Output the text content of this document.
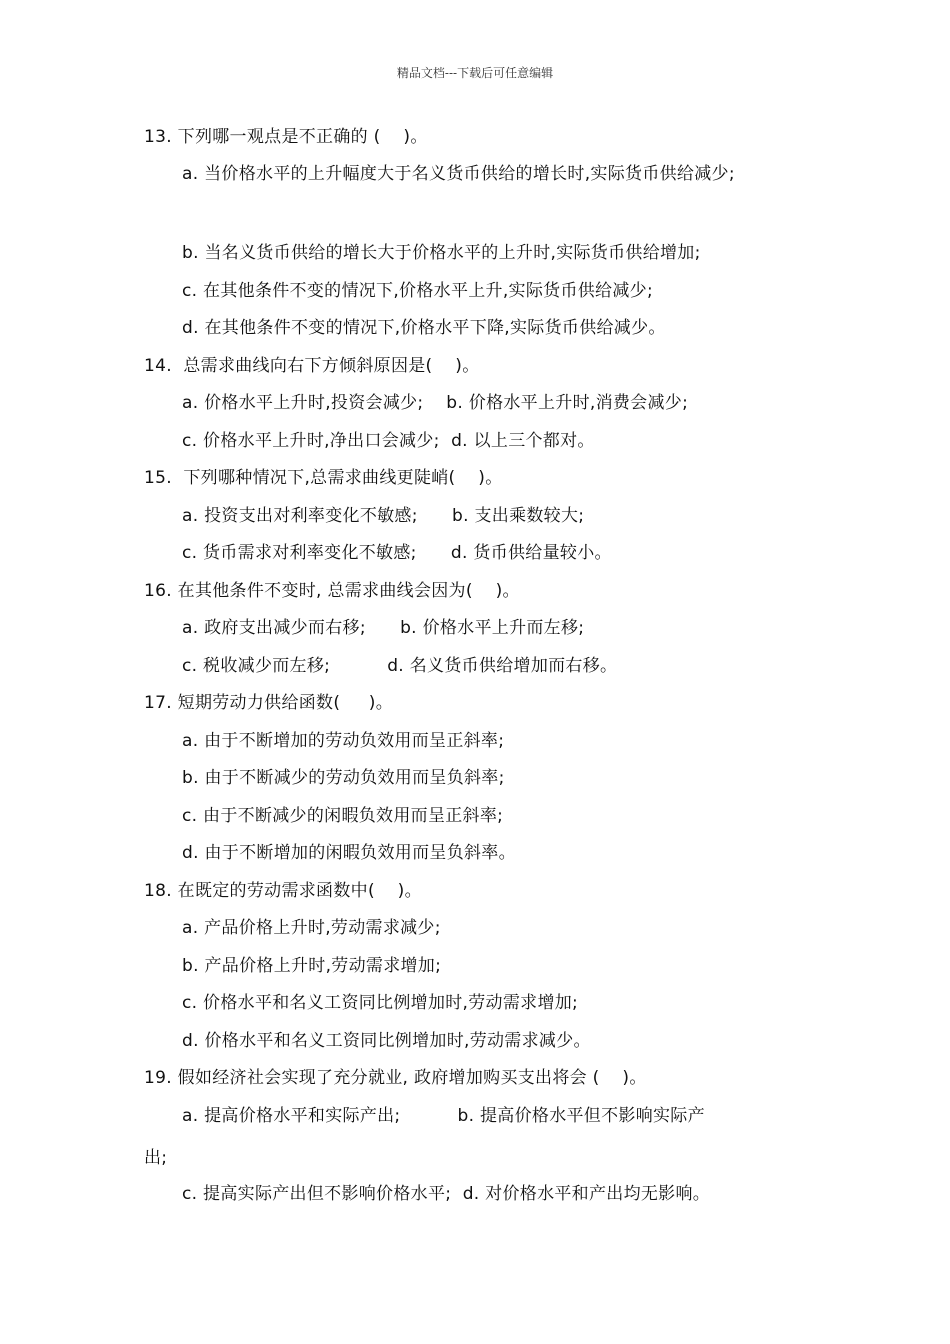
精品文档---下载后可任意编辑
13. 下列哪一观点是不正确的 (    )。
a. 当价格水平的上升幅度大于名义货币供给的增长时,实际货币供给减少;
b. 当名义货币供给的增长大于价格水平的上升时,实际货币供给增加;
c. 在其他条件不变的情况下,价格水平上升,实际货币供给减少;
d. 在其他条件不变的情况下,价格水平下降,实际货币供给减少。
14.  总需求曲线向右下方倾斜原因是(    )。
a. 价格水平上升时,投资会减少;    b. 价格水平上升时,消费会减少;
c. 价格水平上升时,净出口会减少;  d. 以上三个都对。
15.  下列哪种情况下,总需求曲线更陡峭(    )。
a. 投资支出对利率变化不敏感;      b. 支出乘数较大;
c. 货币需求对利率变化不敏感;      d. 货币供给量较小。
16. 在其他条件不变时, 总需求曲线会因为(    )。
a. 政府支出减少而右移;      b. 价格水平上升而左移;
c. 税收减少而左移;          d. 名义货币供给增加而右移。
17. 短期劳动力供给函数(     )。
a. 由于不断增加的劳动负效用而呈正斜率;
b. 由于不断减少的劳动负效用而呈负斜率;
c. 由于不断减少的闲暇负效用而呈正斜率;
d. 由于不断增加的闲暇负效用而呈负斜率。
18. 在既定的劳动需求函数中(    )。
a. 产品价格上升时,劳动需求减少;
b. 产品价格上升时,劳动需求增加;
c. 价格水平和名义工资同比例增加时,劳动需求增加;
d. 价格水平和名义工资同比例增加时,劳动需求减少。
19. 假如经济社会实现了充分就业, 政府增加购买支出将会 (    )。
a. 提高价格水平和实际产出;          b. 提高价格水平但不影响实际产
出;
c. 提高实际产出但不影响价格水平;  d. 对价格水平和产出均无影响。
